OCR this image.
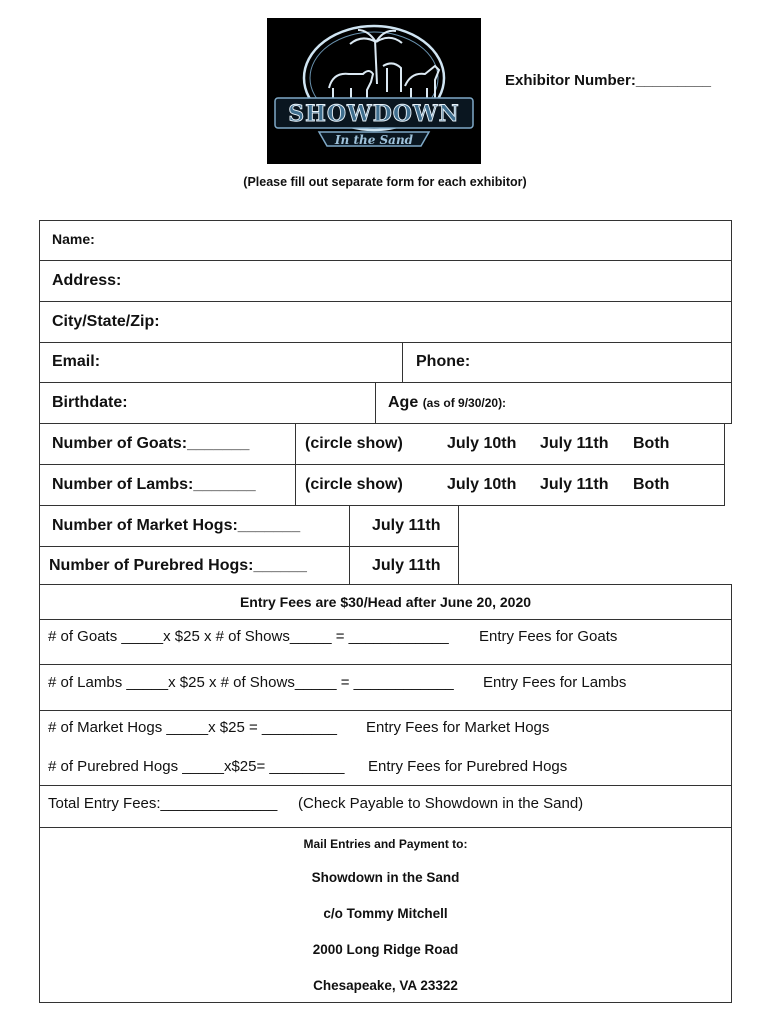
SHOWDOWN
In the Sand
Exhibitor Number:_________
(Please fill out separate form for each exhibitor)
Name:
Address:
City/State/Zip:
Email:	Phone:
Birthdate:	Age (as of 9/30/20):
Number of Goats:_______	(circle show)	July 10th July 11th Both
Number of Lambs:_______	(circle show)	July 10th July 11th Both
Number of Market Hogs:_______	July 11th
Number of Purebred Hogs:______	July 11th
Entry Fees are $30/Head after June 20, 2020
# of Goats _____x $25 x # of Shows_____ = ____________ Entry Fees for Goats
# of Lambs _____x $25 x # of Shows_____ = ____________ Entry Fees for Lambs
# of Market Hogs _____x $25 = _________ Entry Fees for Market Hogs
# of Purebred Hogs _____x$25= _________ Entry Fees for Purebred Hogs
Total Entry Fees:______________ (Check Payable to Showdown in the Sand)
Mail Entries and Payment to:
Showdown in the Sand
c/o Tommy Mitchell
2000 Long Ridge Road
Chesapeake, VA 23322
